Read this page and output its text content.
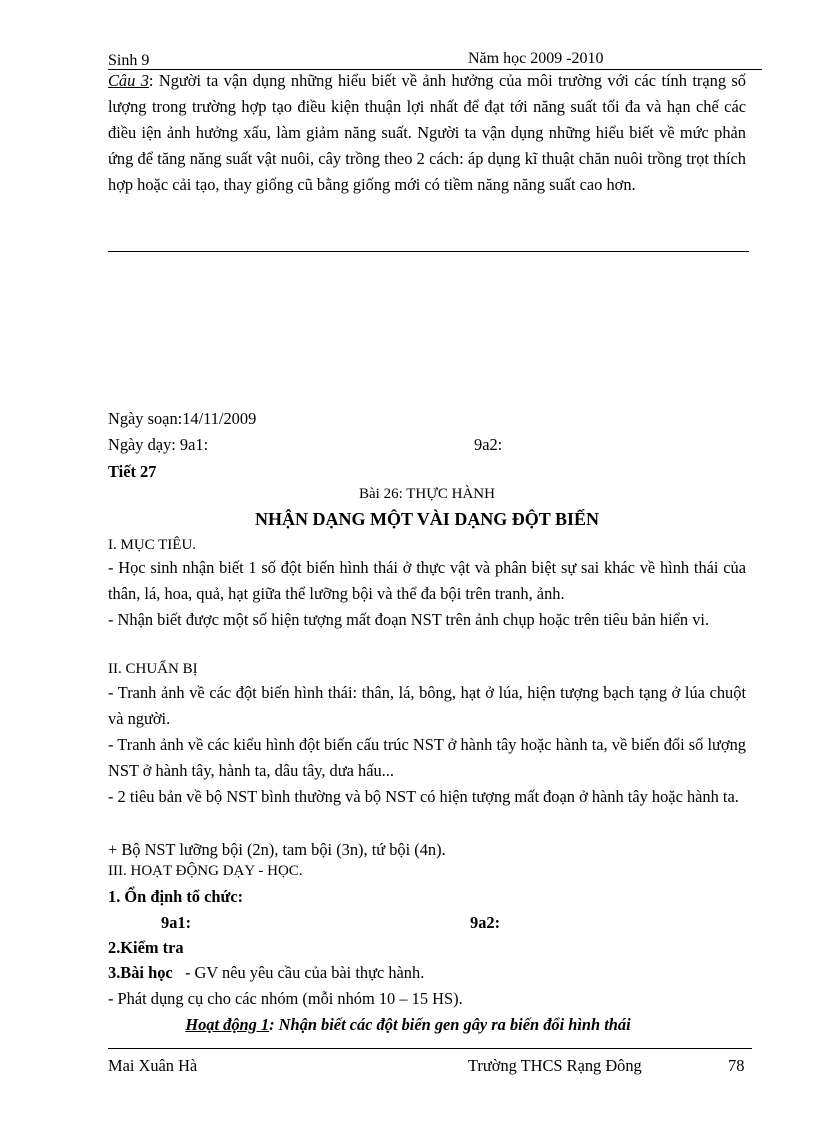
Sinh 9	Năm học 2009 -2010
Câu 3: Người ta vận dụng những hiểu biết về ảnh hưởng của môi trường với các tính trạng số lượng trong trường hợp tạo điều kiện thuận lợi nhất để đạt tới năng suất tối đa và hạn chế các điều iện ảnh hưởng xấu, làm giảm năng suất. Người ta vận dụng những hiểu biết về mức phản ứng để tăng năng suất vật nuôi, cây trồng theo 2 cách: áp dụng kĩ thuật chăn nuôi trồng trọt thích hợp hoặc cải tạo, thay giống cũ bằng giống mới có tiềm năng năng suất cao hơn.
Ngày soạn:14/11/2009
Ngày dạy: 9a1:	9a2:
Tiết 27
Bài 26: THỰC HÀNH
NHẬN DẠNG MỘT VÀI DẠNG ĐỘT BIẾN
I. MỤC TIÊU.
- Học sinh nhận biết 1 số đột biến hình thái ở thực vật và phân biệt sự sai khác về hình thái của thân, lá, hoa, quả, hạt giữa thể lưỡng bội và thể đa bội trên tranh, ảnh.
- Nhận biết được một số hiện tượng mất đoạn NST trên ảnh chụp hoặc trên tiêu bản hiển vi.
II. CHUẨN BỊ
- Tranh ảnh về các đột biến hình thái: thân, lá, bông, hạt ở lúa, hiện tượng bạch tạng ở lúa chuột và người.
- Tranh ảnh về các kiểu hình đột biến cấu trúc NST ở hành tây hoặc hành ta, về biến đổi số lượng NST ở hành tây, hành ta, dâu tây, dưa hấu...
- 2 tiêu bản về bộ NST bình thường và bộ NST có hiện tượng mất đoạn ở hành tây hoặc hành ta.
+ Bộ NST lưỡng bội (2n), tam bội (3n), tứ bội (4n).
III. HOẠT ĐỘNG DẠY - HỌC.
1. Ổn định tổ chức:
9a1:	9a2:
2.Kiểm tra
3.Bài học - GV nêu yêu cầu của bài thực hành.
- Phát dụng cụ cho các nhóm (mỗi nhóm 10 – 15 HS).
Hoạt động 1: Nhận biết các đột biến gen gây ra biến đổi hình thái
Mai Xuân Hà	Trường THCS Rạng Đông	78
